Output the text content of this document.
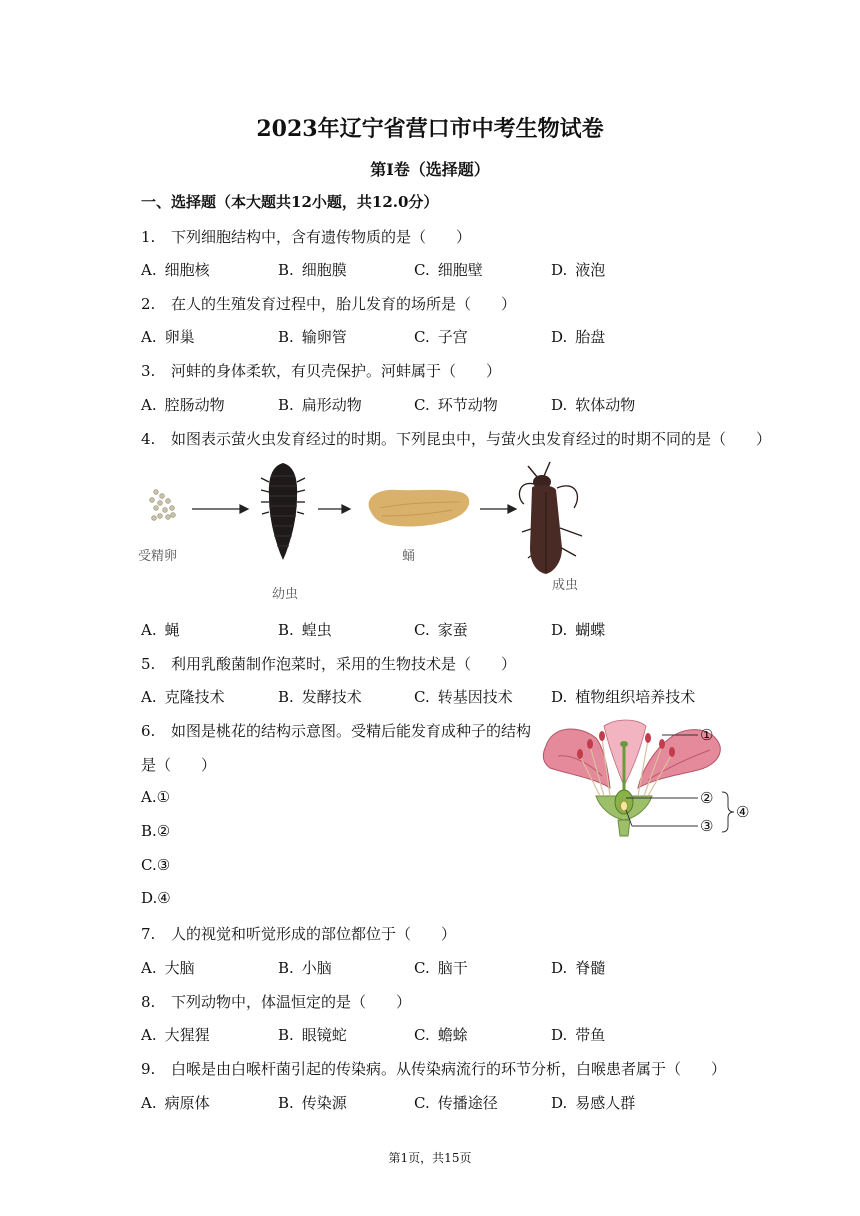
2023年辽宁省营口市中考生物试卷
第I卷（选择题）
一、选择题（本大题共12小题，共12.0分）
1. 下列细胞结构中，含有遗传物质的是（　　）
A. 细胞核	B. 细胞膜	C. 细胞壁	D. 液泡
2. 在人的生殖发育过程中，胎儿发育的场所是（　　）
A. 卵巢	B. 输卵管	C. 子宫	D. 胎盘
3. 河蚌的身体柔软，有贝壳保护。河蚌属于（　　）
A. 腔肠动物	B. 扁形动物	C. 环节动物	D. 软体动物
4. 如图表示萤火虫发育经过的时期。下列昆虫中，与萤火虫发育经过的时期不同的是（　　）
受精卵
幼虫
蛹
成虫
A. 蝇	B. 蝗虫	C. 家蚕	D. 蝴蝶
5. 利用乳酸菌制作泡菜时，采用的生物技术是（　　）
A. 克隆技术	B. 发酵技术	C. 转基因技术	D. 植物组织培养技术
6. 如图是桃花的结构示意图。受精后能发育成种子的结构
是（　　）
A.①
B.②
C.③
D.④
①
②
③
④
7. 人的视觉和听觉形成的部位都位于（　　）
A. 大脑	B. 小脑	C. 脑干	D. 脊髓
8. 下列动物中，体温恒定的是（　　）
A. 大猩猩	B. 眼镜蛇	C. 蟾蜍	D. 带鱼
9. 白喉是由白喉杆菌引起的传染病。从传染病流行的环节分析，白喉患者属于（　　）
A. 病原体	B. 传染源	C. 传播途径	D. 易感人群
第1页，共15页
